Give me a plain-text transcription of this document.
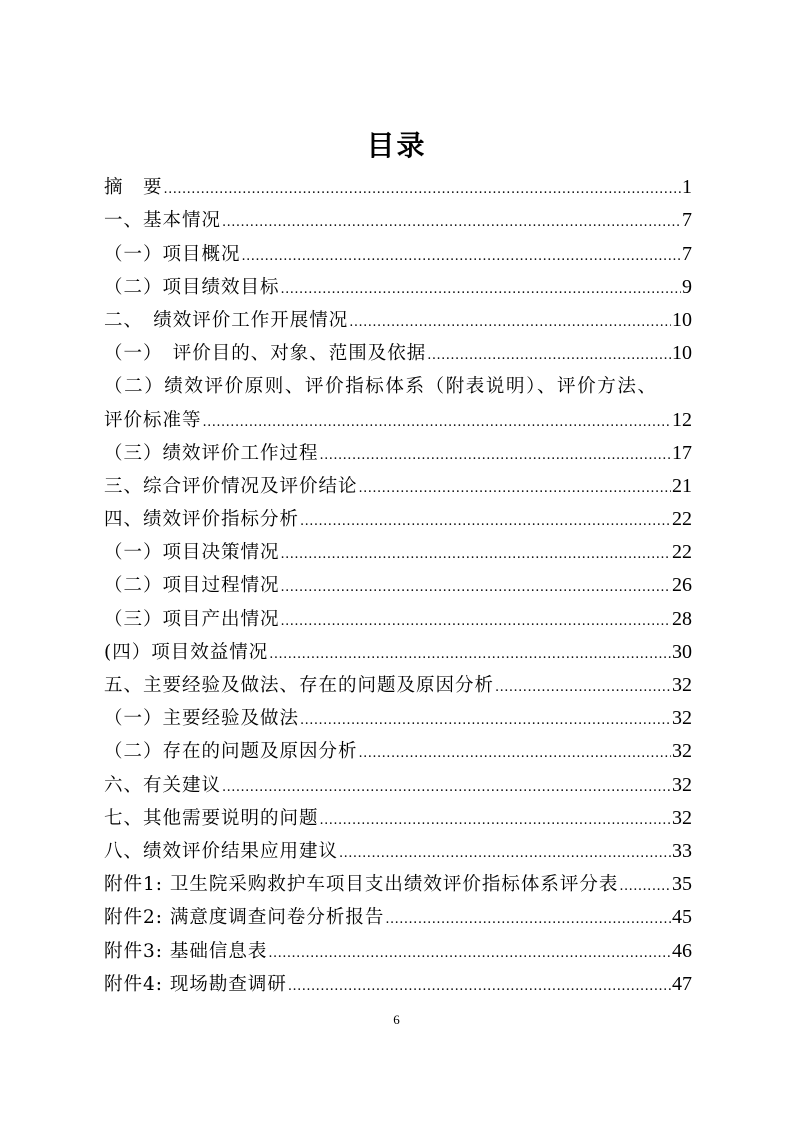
目录
摘　要 .....	1
一、基本情况 .....	7
（一）项目概况 .....	7
（二）项目绩效目标 .....	9
二、　绩效评价工作开展情况 .....	10
（一）　评价目的、对象、范围及依据 .....	10
（二）绩效评价原则、评价指标体系（附表说明）、评价方法、
评价标准等 .....	12
（三）绩效评价工作过程 .....	17
三、综合评价情况及评价结论 .....	21
四、绩效评价指标分析 .....	22
（一）项目决策情况 .....	22
（二）项目过程情况 .....	26
（三）项目产出情况 .....	28
(四）项目效益情况 .....	30
五、主要经验及做法、存在的问题及原因分析 .....	32
（一）主要经验及做法 .....	32
（二）存在的问题及原因分析 .....	32
六、有关建议 .....	32
七、其他需要说明的问题 .....	32
八、绩效评价结果应用建议 .....	33
附件1: 卫生院采购救护车项目支出绩效评价指标体系评分表 .....	35
附件2: 满意度调查问卷分析报告 .....	45
附件3: 基础信息表 .....	46
附件4: 现场勘查调研 .....	47
6
